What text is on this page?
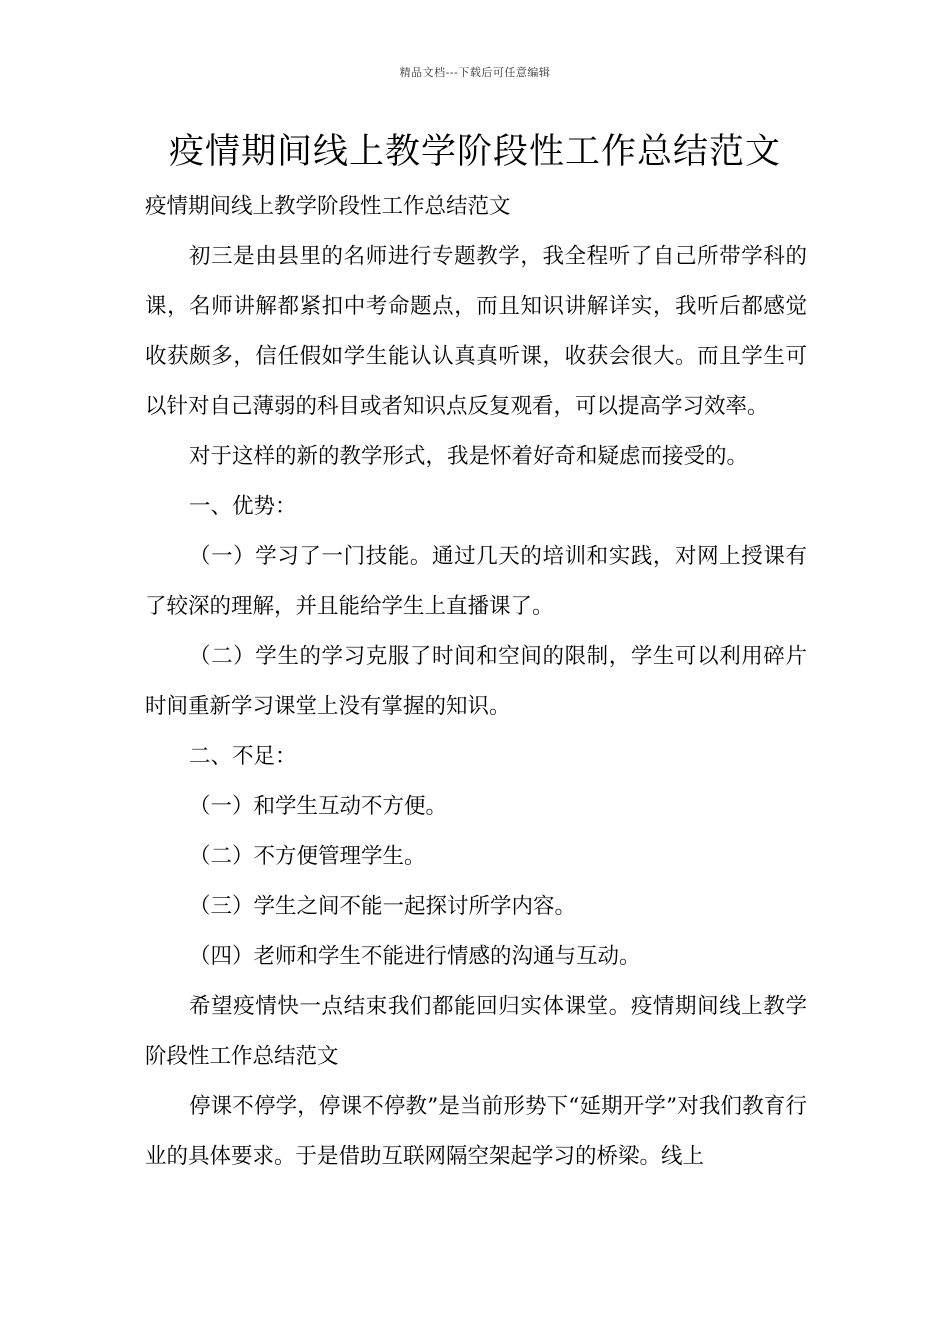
精品文档---下载后可任意编辑
疫情期间线上教学阶段性工作总结范文

疫情期间线上教学阶段性工作总结范文

初三是由县里的名师进行专题教学，我全程听了自己所带学科的课，名师讲解都紧扣中考命题点，而且知识讲解详实，我听后都感觉收获颇多，信任假如学生能认认真真听课，收获会很大。而且学生可以针对自己薄弱的科目或者知识点反复观看，可以提高学习效率。

对于这样的新的教学形式，我是怀着好奇和疑虑而接受的。

一、优势：

（一）学习了一门技能。通过几天的培训和实践，对网上授课有了较深的理解，并且能给学生上直播课了。

（二）学生的学习克服了时间和空间的限制，学生可以利用碎片时间重新学习课堂上没有掌握的知识。

二、不足：

（一）和学生互动不方便。

（二）不方便管理学生。

（三）学生之间不能一起探讨所学内容。

（四）老师和学生不能进行情感的沟通与互动。

希望疫情快一点结束我们都能回归实体课堂。疫情期间线上教学阶段性工作总结范文

停课不停学，停课不停教”是当前形势下“延期开学”对我们教育行业的具体要求。于是借助互联网隔空架起学习的桥梁。线上
